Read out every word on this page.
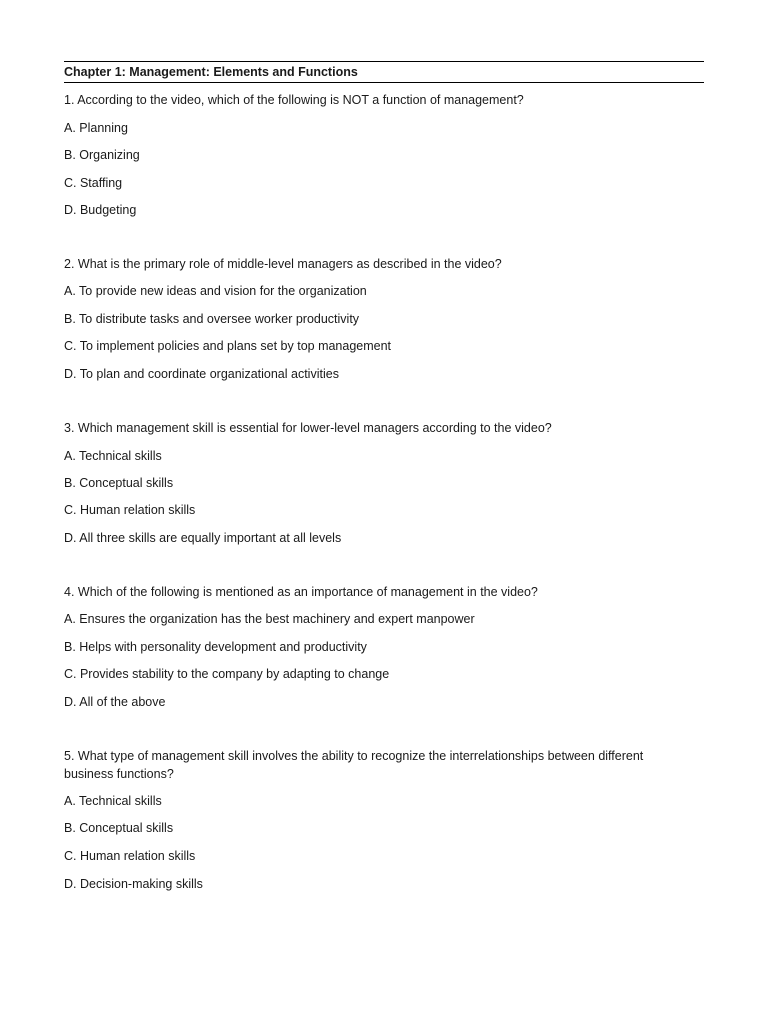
Chapter 1: Management: Elements and Functions
1. According to the video, which of the following is NOT a function of management?
A. Planning
B. Organizing
C. Staffing
D. Budgeting
2. What is the primary role of middle-level managers as described in the video?
A. To provide new ideas and vision for the organization
B. To distribute tasks and oversee worker productivity
C. To implement policies and plans set by top management
D. To plan and coordinate organizational activities
3. Which management skill is essential for lower-level managers according to the video?
A. Technical skills
B. Conceptual skills
C. Human relation skills
D. All three skills are equally important at all levels
4. Which of the following is mentioned as an importance of management in the video?
A. Ensures the organization has the best machinery and expert manpower
B. Helps with personality development and productivity
C. Provides stability to the company by adapting to change
D. All of the above
5. What type of management skill involves the ability to recognize the interrelationships between different business functions?
A. Technical skills
B. Conceptual skills
C. Human relation skills
D. Decision-making skills
